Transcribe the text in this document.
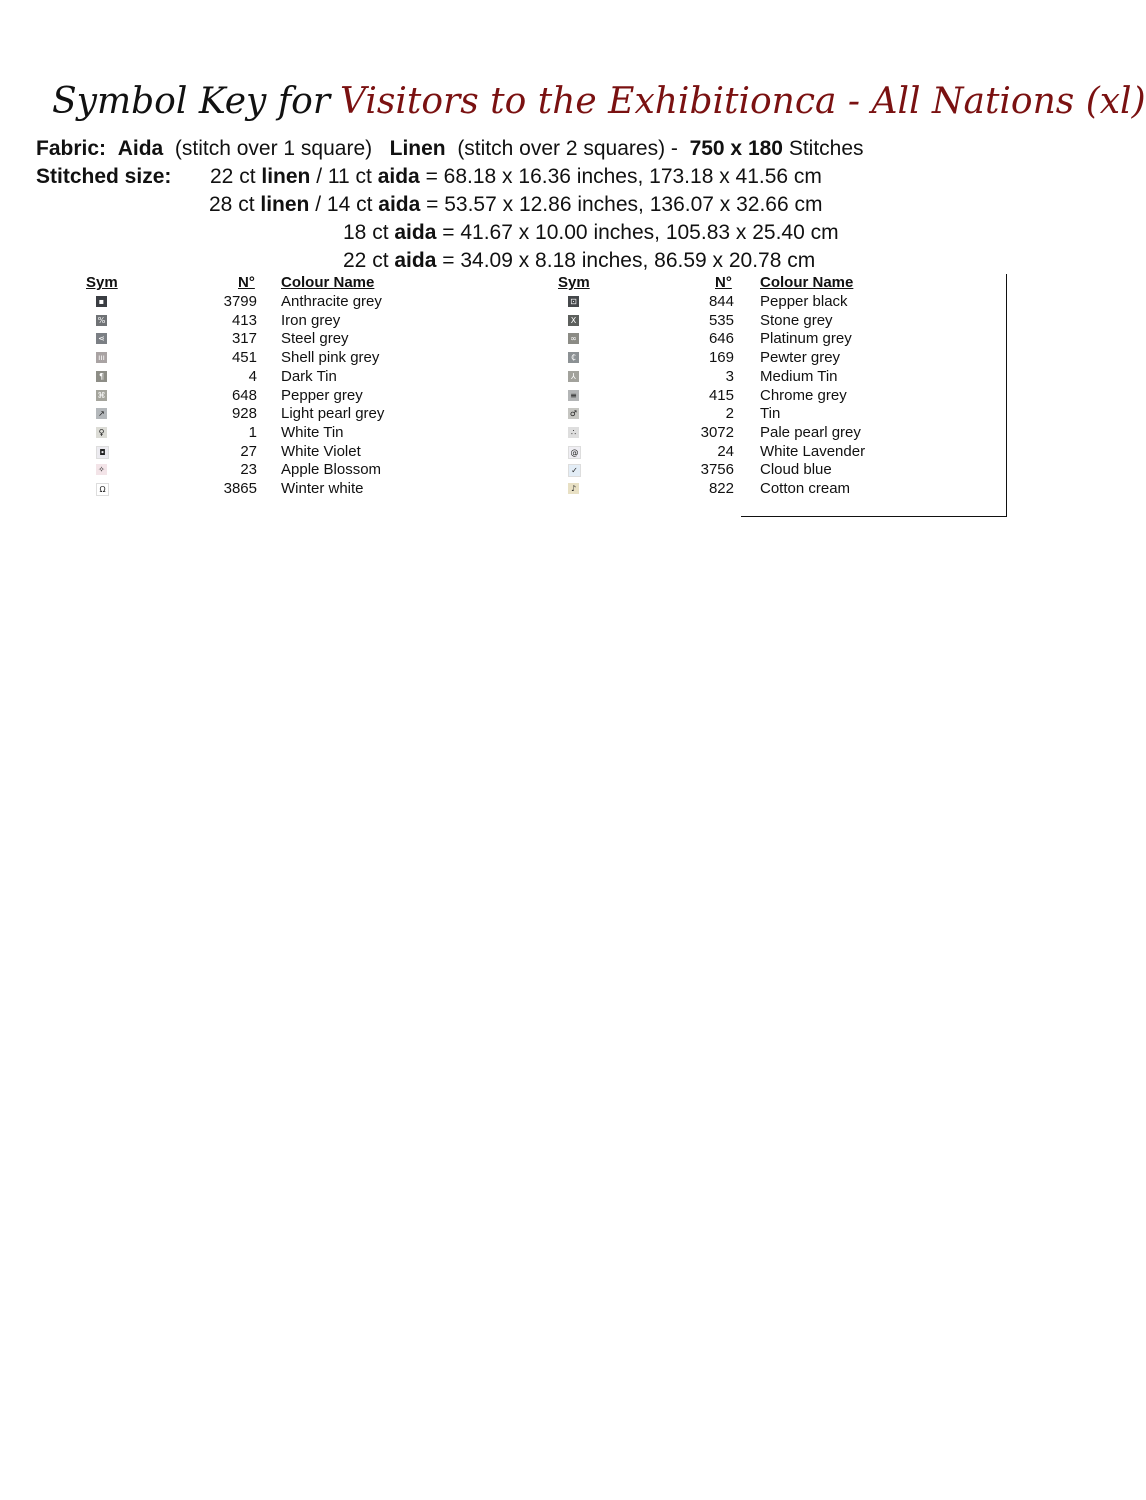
Symbol Key for Visitors to the Exhibitionca - All Nations (xl)
Fabric: Aida (stitch over 1 square) Linen (stitch over 2 squares) - 750 x 180 Stitches
Stitched size: 22 ct linen / 11 ct aida = 68.18 x 16.36 inches, 173.18 x 41.56 cm
28 ct linen / 14 ct aida = 53.57 x 12.86 inches, 136.07 x 32.66 cm
18 ct aida = 41.67 x 10.00 inches, 105.83 x 25.40 cm
22 ct aida = 34.09 x 8.18 inches, 86.59 x 20.78 cm
Sym	N° Colour Name	Sym	N° Colour Name
▪	3799 Anthracite grey
%	413 Iron grey
⋖	317 Steel grey
ııı	451 Shell pink grey
¶	4 Dark Tin
⌘	648 Pepper grey
↗	928 Light pearl grey
♀	1 White Tin
◘	27 White Violet
✧	23 Apple Blossom
Ω	3865 Winter white
⊡	844 Pepper black
X	535 Stone grey
∞	646 Platinum grey
₵	169 Pewter grey
⅄	3 Medium Tin
≡	415 Chrome grey
♂	2 Tin
∴	3072 Pale pearl grey
@	24 White Lavender
✓	3756 Cloud blue
♪	822 Cotton cream
